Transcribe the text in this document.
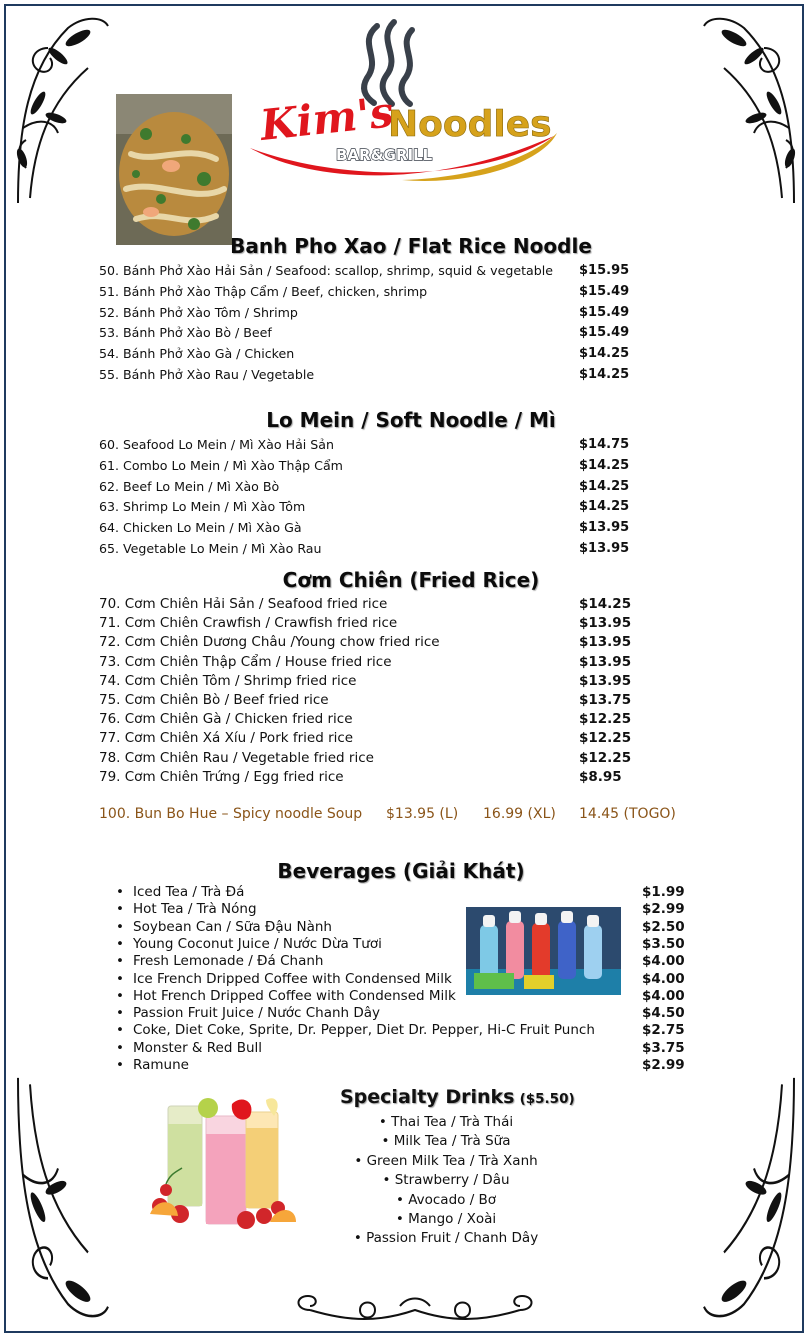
Kim's
Noodles
BAR&GRILL
Banh Pho Xao / Flat Rice Noodle
50. Bánh Phở Xào Hải Sản / Seafood: scallop, shrimp, squid & vegetable $15.95
51. Bánh Phở Xào Thập Cẩm / Beef, chicken, shrimp	$15.49
52. Bánh Phở Xào Tôm / Shrimp	$15.49
53. Bánh Phở Xào Bò / Beef	$15.49
54. Bánh Phở Xào Gà / Chicken	$14.25
55. Bánh Phở Xào Rau / Vegetable	$14.25
Lo Mein / Soft Noodle / Mì
60. Seafood Lo Mein / Mì Xào Hải Sản	$14.75
61. Combo Lo Mein / Mì Xào Thập Cẩm	$14.25
62. Beef Lo Mein / Mì Xào Bò	$14.25
63. Shrimp Lo Mein / Mì Xào Tôm	$14.25
64. Chicken Lo Mein / Mì Xào Gà	$13.95
65. Vegetable Lo Mein / Mì Xào Rau	$13.95
Cơm Chiên (Fried Rice)
70. Cơm Chiên Hải Sản / Seafood fried rice	$14.25
71. Cơm Chiên Crawfish / Crawfish fried rice	$13.95
72. Cơm Chiên Dương Châu /Young chow fried rice	$13.95
73. Cơm Chiên Thập Cẩm / House fried rice	$13.95
74. Cơm Chiên Tôm / Shrimp fried rice	$13.95
75. Cơm Chiên Bò / Beef fried rice	$13.75
76. Cơm Chiên Gà / Chicken fried rice	$12.25
77. Cơm Chiên Xá Xíu / Pork fried rice	$12.25
78. Cơm Chiên Rau / Vegetable fried rice	$12.25
79. Cơm Chiên Trứng / Egg fried rice	$8.95
100. Bun Bo Hue – Spicy noodle Soup $13.95 (L) 16.99 (XL) 14.45 (TOGO)
Beverages (Giải Khát)
• Iced Tea / Trà Đá	$1.99
• Hot Tea / Trà Nóng	$2.99
• Soybean Can / Sữa Đậu Nành	$2.50
• Young Coconut Juice / Nước Dừa Tươi	$3.50
• Fresh Lemonade / Đá Chanh	$4.00
• Ice French Dripped Coffee with Condensed Milk	$4.00
• Hot French Dripped Coffee with Condensed Milk	$4.00
• Passion Fruit Juice / Nước Chanh Dây	$4.50
• Coke, Diet Coke, Sprite, Dr. Pepper, Diet Dr. Pepper, Hi-C Fruit Punch	$2.75
• Monster & Red Bull	$3.75
• Ramune	$2.99
Specialty Drinks ($5.50)
• Thai Tea / Trà Thái
• Milk Tea / Trà Sữa
• Green Milk Tea / Trà Xanh
• Strawberry / Dâu
• Avocado / Bơ
• Mango / Xoài
• Passion Fruit / Chanh Dây
